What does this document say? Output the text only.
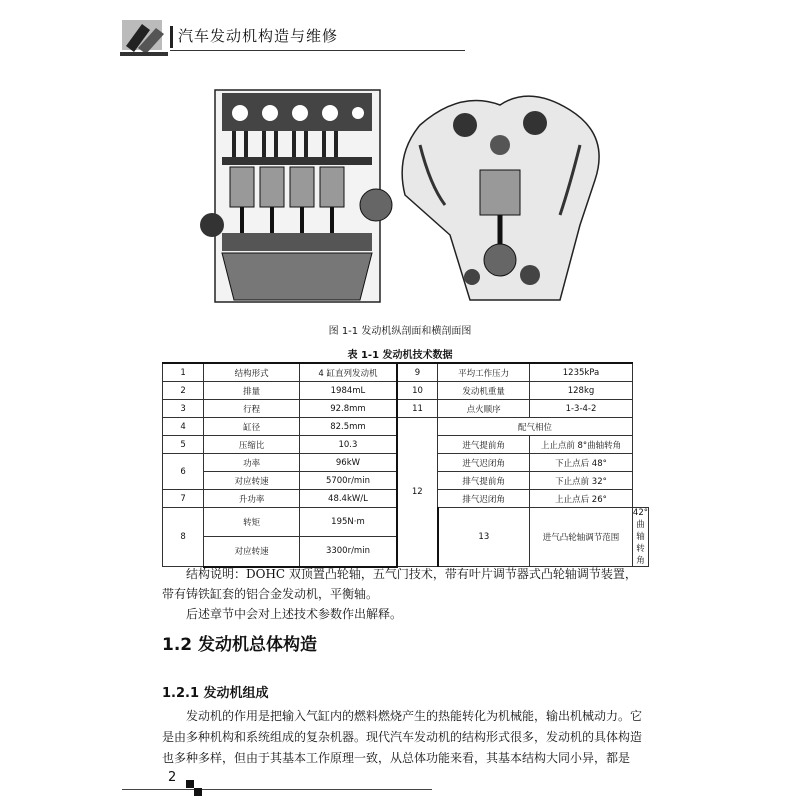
汽车发动机构造与维修
图 1-1 发动机纵剖面和横剖面图
表 1-1 发动机技术数据
1	结构形式	4 缸直列发动机	9	平均工作压力	1235kPa	
2	排量	1984mL	10	发动机重量	128kg	
3	行程	92.8mm	11	点火顺序	1-3-4-2	
4	缸径	82.5mm	12	配气相位		
5	压缩比	10.3		进气提前角	上止点前 8°曲轴转角	
6	功率	96kW		进气迟闭角	下止点后 48°	
	对应转速	5700r/min		排气提前角	下止点前 32°	
7	升功率	48.4kW/L		排气迟闭角	上止点后 26°	
8	转矩	195N·m		13	进气凸轮轴调节范围	42°曲轴转角
	对应转速	3300r/min				
结构说明：DOHC 双顶置凸轮轴，五气门技术，带有叶片调节器式凸轮轴调节装置，带有铸铁缸套的铝合金发动机，平衡轴。
后述章节中会对上述技术参数作出解释。
1.2 发动机总体构造
1.2.1 发动机组成
发动机的作用是把输入气缸内的燃料燃烧产生的热能转化为机械能，输出机械动力。它是由多种机构和系统组成的复杂机器。现代汽车发动机的结构形式很多，发动机的具体构造也多种多样，但由于其基本工作原理一致，从总体功能来看，其基本结构大同小异，都是
2
